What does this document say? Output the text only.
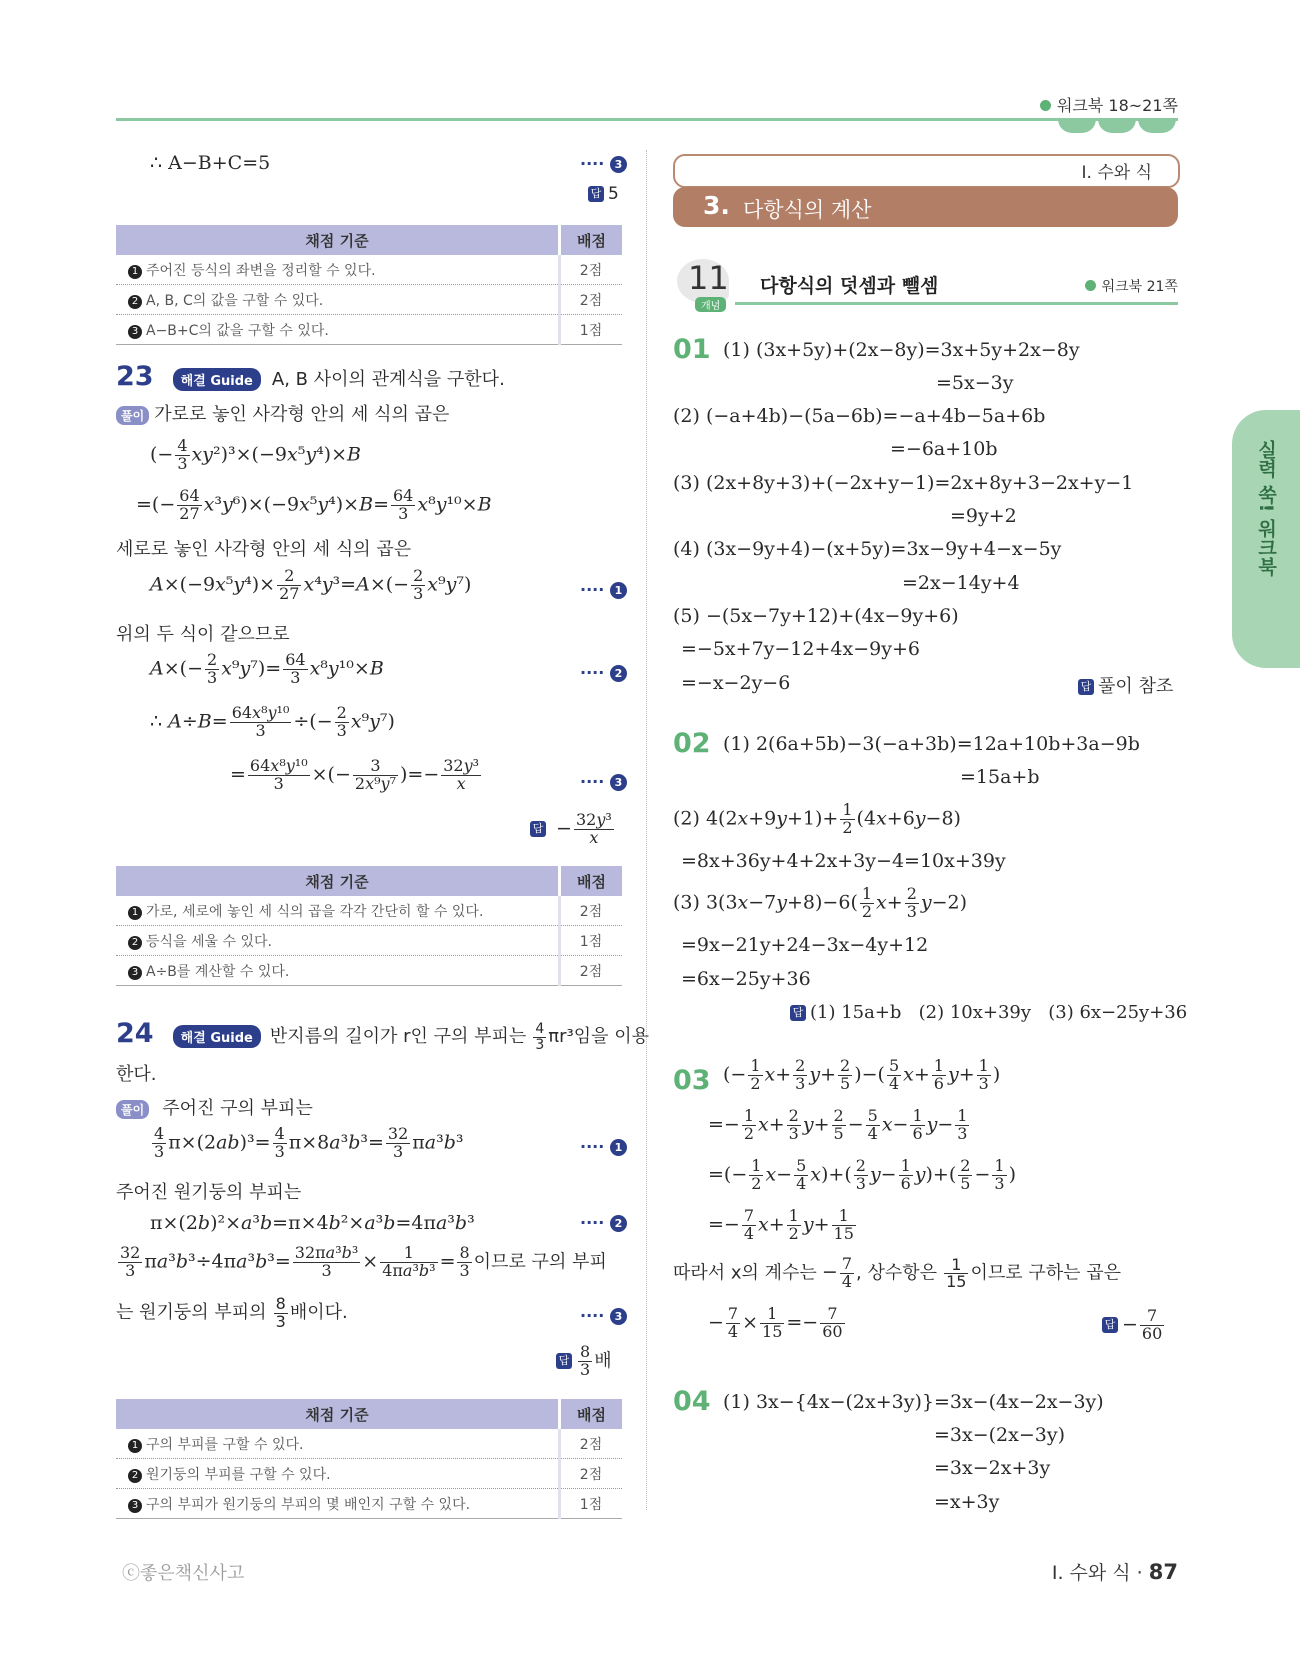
워크북 18~21쪽
실력 쑥! 워크북
∴ A−B+C=5	···· 3
답 5
채점 기준	배점
1 주어진 등식의 좌변을 정리할 수 있다.	2점
2 A, B, C의 값을 구할 수 있다.	2점
3 A−B+C의 값을 구할 수 있다.	1점
23 해결 Guide A, B 사이의 관계식을 구한다.
풀이 가로로 놓인 사각형 안의 세 식의 곱은
(− $\frac{4}{3} xy^2)^3\times(-9x^5y^4)\times B$
=(− $\frac{64}{27} x^3y^6)\times(-9x^5y^4)\times B= \frac{64}{3} x^8y^{10}\times B$
세로로 놓인 사각형 안의 세 식의 곱은
$A\times(-9x^5y^4)\times \frac{2}{27} x^4y^3=A\times(- \frac{2}{3} x^9y^7)$	···· 1
위의 두 식이 같으므로
$A\times(- \frac{2}{3} x^9y^7)= \frac{64}{3} x^8y^{10}\times B$	···· 2
∴ $A\div B= \frac{\text{64x⁸y¹⁰}}{3}$ ÷(− $\frac{2}{3} x^9y^7$)
= $\frac{\text{64x⁸y¹⁰}}{3}$ ×(− $\frac{3}{\text{2x⁹y⁷}}$ )=− $\frac{\text{32y³}}{x}$	···· 3
답 − $\frac{\text{32y³}}{x}$
채점 기준	배점
1 가로, 세로에 놓인 세 식의 곱을 각각 간단히 할 수 있다.	2점
2 등식을 세울 수 있다.	1점
3 A÷B를 계산할 수 있다.	2점
24 해결 Guide 반지름의 길이가 r인 구의 부피는 $\frac{4}{3} \pi r^3$임을 이용
한다.
풀이 주어진 구의 부피는
$\frac{4}{3} \pi\times(2ab)^3= \frac{4}{3} \pi\times 8a^3b^3= \frac{32}{3} \pi a^3b^3$	···· 1
주어진 원기둥의 부피는
π×(2b)²×a³b=π×4b²×a³b=4πa³b³	···· 2
$\frac{32}{3} \pi a^3b^3\div 4\pi a^3b^3= \frac{\text{32πa³b³}}{3} \times \frac{1}{\text{4πa³b³}} = \frac{8}{3}$ 이므로 구의 부피
는 원기둥의 부피의 $\frac{8}{3}$ 배이다.	···· 3
답 $\frac{8}{3}$ 배
채점 기준	배점
1 구의 부피를 구할 수 있다.	2점
2 원기둥의 부피를 구할 수 있다.	2점
3 구의 부피가 원기둥의 부피의 몇 배인지 구할 수 있다.	1점
I. 수와 식
3. 다항식의 계산
11
개념
다항식의 덧셈과 뺄셈	워크북 21쪽
01 (1) (3x+5y)+(2x−8y)=3x+5y+2x−8y
=5x−3y
(2) (−a+4b)−(5a−6b)=−a+4b−5a+6b
=−6a+10b
(3) (2x+8y+3)+(−2x+y−1)=2x+8y+3−2x+y−1
=9y+2
(4) (3x−9y+4)−(x+5y)=3x−9y+4−x−5y
=2x−14y+4
(5) −(5x−7y+12)+(4x−9y+6)
=−5x+7y−12+4x−9y+6
=−x−2y−6	답 풀이 참조
02 (1) 2(6a+5b)−3(−a+3b)=12a+10b+3a−9b
=15a+b
(2) $4(2x+9y+1)+ \frac{1}{2} (4x+6y-8)$
=8x+36y+4+2x+3y−4=10x+39y
(3) $3(3x-7y+8)-6( \frac{1}{2} x+ \frac{2}{3} y-2)$
=9x−21y+24−3x−4y+12
=6x−25y+36
답 (1) 15a+b   (2) 10x+39y   (3) 6x−25y+36
03 (− $\frac{1}{2} x+ \frac{2}{3} y+ \frac{2}{5}$ )−( $\frac{5}{4} x+ \frac{1}{6} y+ \frac{1}{3}$ )
=− $\frac{1}{2} x+ \frac{2}{3} y+ \frac{2}{5} - \frac{5}{4} x- \frac{1}{6} y- \frac{1}{3}$
=(− $\frac{1}{2} x- \frac{5}{4} x)+( \frac{2}{3} y- \frac{1}{6} y)+( \frac{2}{5} - \frac{1}{3}$ )
=− $\frac{7}{4} x+ \frac{1}{2} y+ \frac{1}{15}$
따라서 x의 계수는 − $\frac{7}{4}$ , 상수항은 $\frac{1}{15}$ 이므로 구하는 곱은
− $\frac{7}{4} \times \frac{1}{15} =- \frac{7}{60}$	답 − $\frac{7}{60}$
04 (1) 3x−{4x−(2x+3y)}=3x−(4x−2x−3y)
=3x−(2x−3y)
=3x−2x+3y
=x+3y
ⓒ좋은책신사고	I. 수와 식 · 87
